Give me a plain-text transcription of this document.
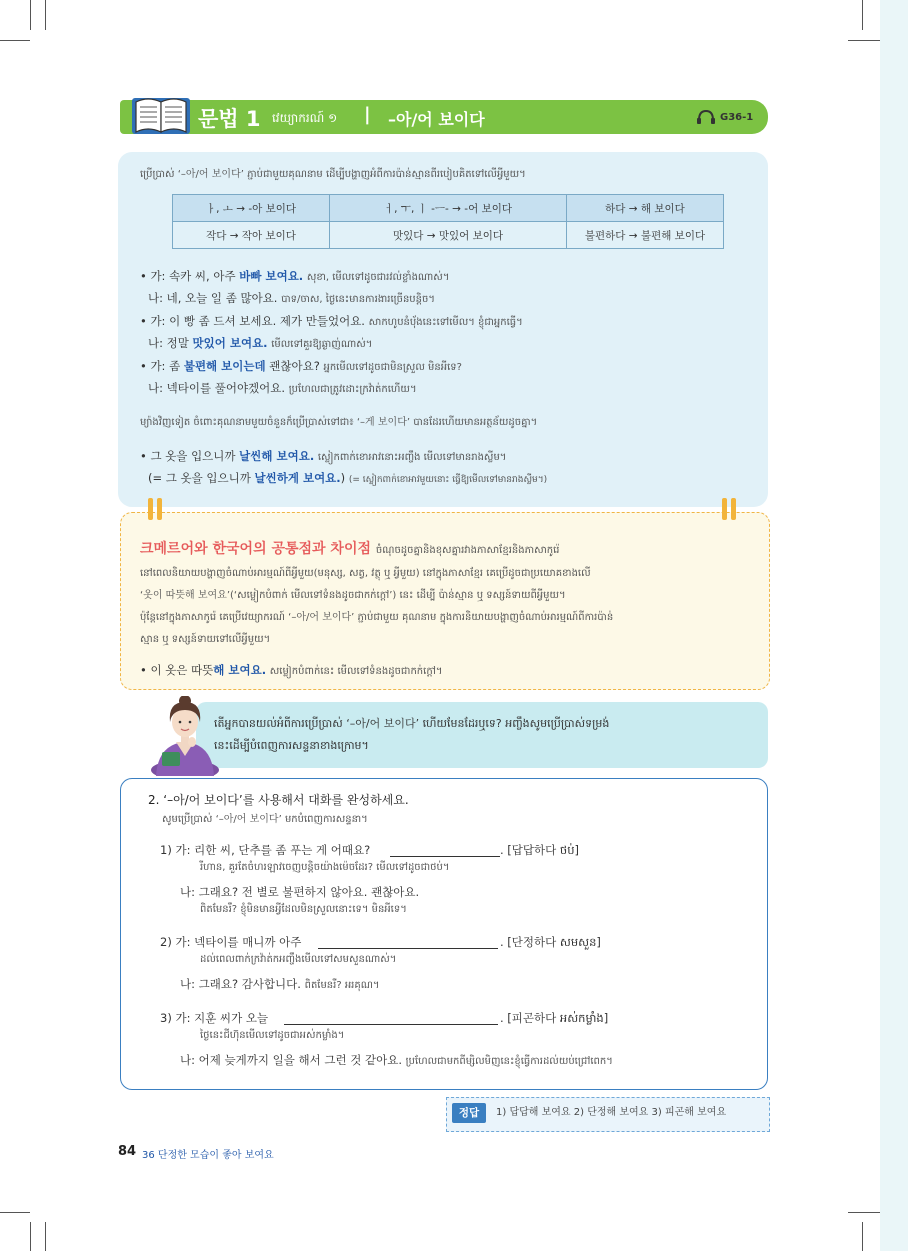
문법 1 វេយ្យាករណ៍ ១ | –아/어 보이다	G36-1
ប្រើប្រាស់ ‘–아/어 보이다’ ភ្ជាប់ជាមួយគុណនាម ដើម្បីបង្ហាញអំពីការប៉ាន់ស្មានពីរបៀបគិតទៅលើអ្វីមួយ។
ㅏ, ㅗ → -아 보이다	ㅓ, ㅜ, ㅣ -ㅡ- → -어 보이다	하다 → 해 보이다
작다 → 작아 보이다	맛있다 → 맛있어 보이다	불편하다 → 불편해 보이다
• 가: 속카 씨, 아주 바빠 보여요. សុខា, មើលទៅដូចជារវល់ខ្លាំងណាស់។
나: 네, 오늘 일 좀 많아요. បាទ/ចាស, ថ្ងៃនេះមានការងារច្រើនបន្តិច។
• 가: 이 빵 좀 드셔 보세요. 제가 만들었어요. សាកហូបនំប៉័ងនេះទៅមើល។ ខ្ញុំជាអ្នកធ្វើ។
나: 정말 맛있어 보여요. មើលទៅគួរឱ្យឆ្ងាញ់ណាស់។
• 가: 좀 불편해 보이는데 괜찮아요? អ្នកមើលទៅដូចជាមិនស្រួល មិនអីទេ?
나: 넥타이를 풀어야겠어요. ប្រហែលជាត្រូវដោះក្រវ៉ាត់កហើយ។
ម្យ៉ាងវិញទៀត ចំពោះគុណនាមមួយចំនួនក៏ប្រើប្រាស់ទៅជា៖ ‘–게 보이다’ បានដែរហើយមានអត្ថន័យដូចគ្នា។
• 그 옷을 입으니까 날씬해 보여요. ស្លៀកពាក់ខោអាវនោះអញ្ចឹង មើលទៅមានរាងស្លីម។
(= 그 옷을 입으니까 날씬하게 보여요.) (= ស្លៀកពាក់ខោអាវមួយនោះ ធ្វើឱ្យមើលទៅមានរាងស្លីម។)
크메르어와 한국어의 공통점과 차이점 ចំណុចដូចគ្នានិងខុសគ្នារវាងភាសាខ្មែរនិងភាសាកូរ៉េ
នៅពេលនិយាយបង្ហាញចំណាប់អារម្មណ៍ពីអ្វីមួយ(មនុស្ស, សត្វ, វត្ថុ ឬ អ្វីមួយ) នៅក្នុងភាសាខ្មែរ គេប្រើដូចជាប្រយោគខាងលើ
‘옷이 따뜻해 보여요’(‘សម្លៀកបំពាក់ មើលទៅទំនងដូចជាកក់ក្ដៅ’) នេះ ដើម្បី ប៉ាន់ស្មាន ឬ ទស្សន៍ទាយពីអ្វីមួយ។
ប៉ុន្តែនៅក្នុងភាសាកូរ៉េ គេប្រើវេយ្យាករណ៍ ‘–아/어 보이다’ ភ្ជាប់ជាមួយ គុណនាម ក្នុងការនិយាយបង្ហាញចំណាប់អារម្មណ៍ពីការប៉ាន់
ស្មាន ឬ ទស្សន៍ទាយទៅលើអ្វីមួយ។
• 이 옷은 따뜻해 보여요. សម្លៀកបំពាក់នេះ មើលទៅទំនងដូចជាកក់ក្ដៅ។
តើអ្នកបានយល់អំពីការប្រើប្រាស់ ‘–아/어 보이다’ ហើយមែនដែរឬទេ? អញ្ចឹងសូមប្រើប្រាស់ទម្រង់
នេះដើម្បីបំពេញការសន្ទនាខាងក្រោម។
2. ‘–아/어 보이다’를 사용해서 대화를 완성하세요.
សូមប្រើប្រាស់ ‘–아/어 보이다’ មកបំពេញការសន្ទនា។
1) 가: 리한 씨, 단추를 좀 푸는 게 어때요?	. [답답하다 ថប់]
រីហាន, គួរតែចំហរឡាវចេញបន្តិចយ៉ាងម៉េចដែរ? មើលទៅដូចជាថប់។
나: 그래요? 전 별로 불편하지 않아요. 괜찮아요.
ពិតមែនរឺ? ខ្ញុំមិនមានអ្វីដែលមិនស្រួលនោះទេ។ មិនអីទេ។
2) 가: 넥타이를 매니까 아주	. [단정하다 សមសួន]
ដល់ពេលពាក់ក្រវ៉ាត់កអញ្ចឹងមើលទៅសមសួនណាស់។
나: 그래요? 감사합니다. ពិតមែនរឺ? អរគុណ។
3) 가: 지훈 씨가 오늘	. [피곤하다 អស់កម្លាំង]
ថ្ងៃនេះជីហ៊ុនមើលទៅដូចជាអស់កម្លាំង។
나: 어제 늦게까지 일을 해서 그런 것 같아요. ប្រហែលជាមកពីម្សិលមិញនេះខ្ញុំធ្វើការដល់យប់ជ្រៅពេក។
정답	1) 답답해 보여요 2) 단정해 보여요 3) 피곤해 보여요
84 36 단정한 모습이 좋아 보여요
